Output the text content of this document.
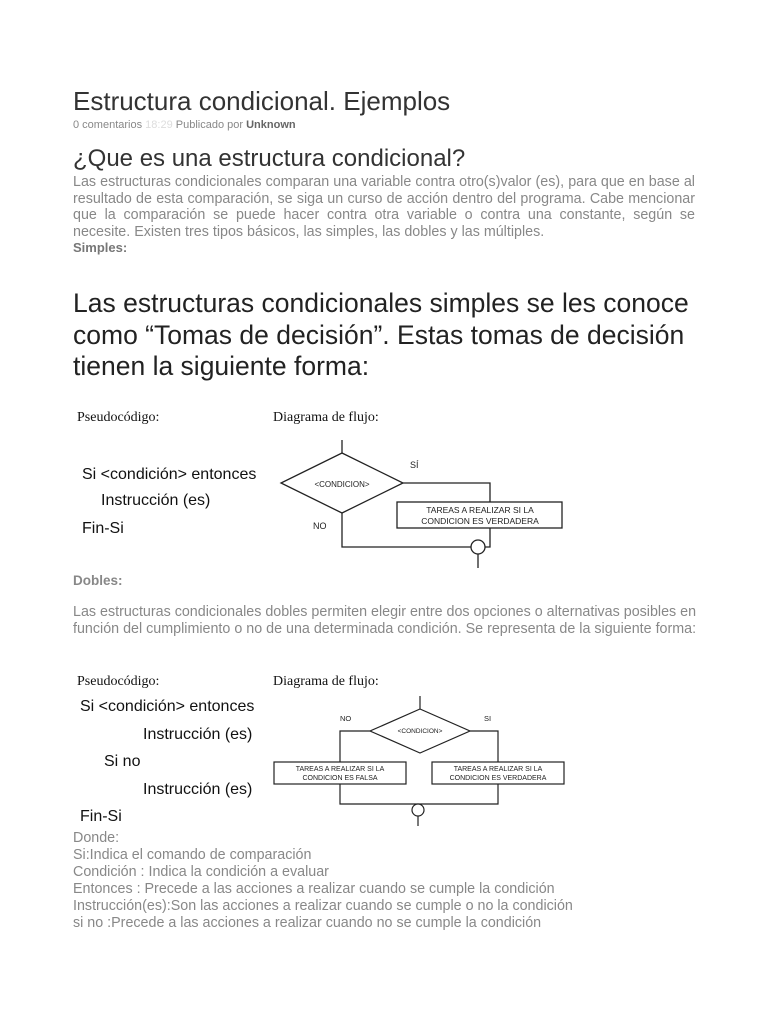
Estructura condicional. Ejemplos
0 comentarios 18:29 Publicado por Unknown
¿Que es una estructura condicional?
Las estructuras condicionales comparan una variable contra otro(s)valor (es), para que en base al resultado de esta comparación, se siga un curso de acción dentro del programa. Cabe mencionar que la comparación se puede hacer contra otra variable o contra una constante, según se necesite. Existen tres tipos básicos, las simples, las dobles y las múltiples.
Simples:
Las estructuras condicionales simples se les conoce como “Tomas de decisión”. Estas tomas de decisión tienen la siguiente forma:
Pseudocódigo:	Diagrama de flujo:
Si <condición> entonces
Instrucción (es)
Fin-Si
<CONDICION>
SÍ
NO
TAREAS A REALIZAR SI LA
CONDICION ES VERDADERA
Dobles:
Las estructuras condicionales dobles permiten elegir entre dos opciones o alternativas posibles en función del cumplimiento o no de una determinada condición. Se representa de la siguiente forma:
Pseudocódigo:	Diagrama de flujo:
Si <condición> entonces
Instrucción (es)
Si no
Instrucción (es)
Fin-Si
<CONDICION>
NO	SI
TAREAS A REALIZAR SI LA
CONDICION ES FALSA
TAREAS A REALIZAR SI LA
CONDICION ES VERDADERA
Donde:
Si:Indica el comando de comparación
Condición : Indica la condición a evaluar
Entonces : Precede a las acciones a realizar cuando se cumple la condición
Instrucción(es):Son las acciones a realizar cuando se cumple o no la condición
si no :Precede a las acciones a realizar cuando no se cumple la condición
